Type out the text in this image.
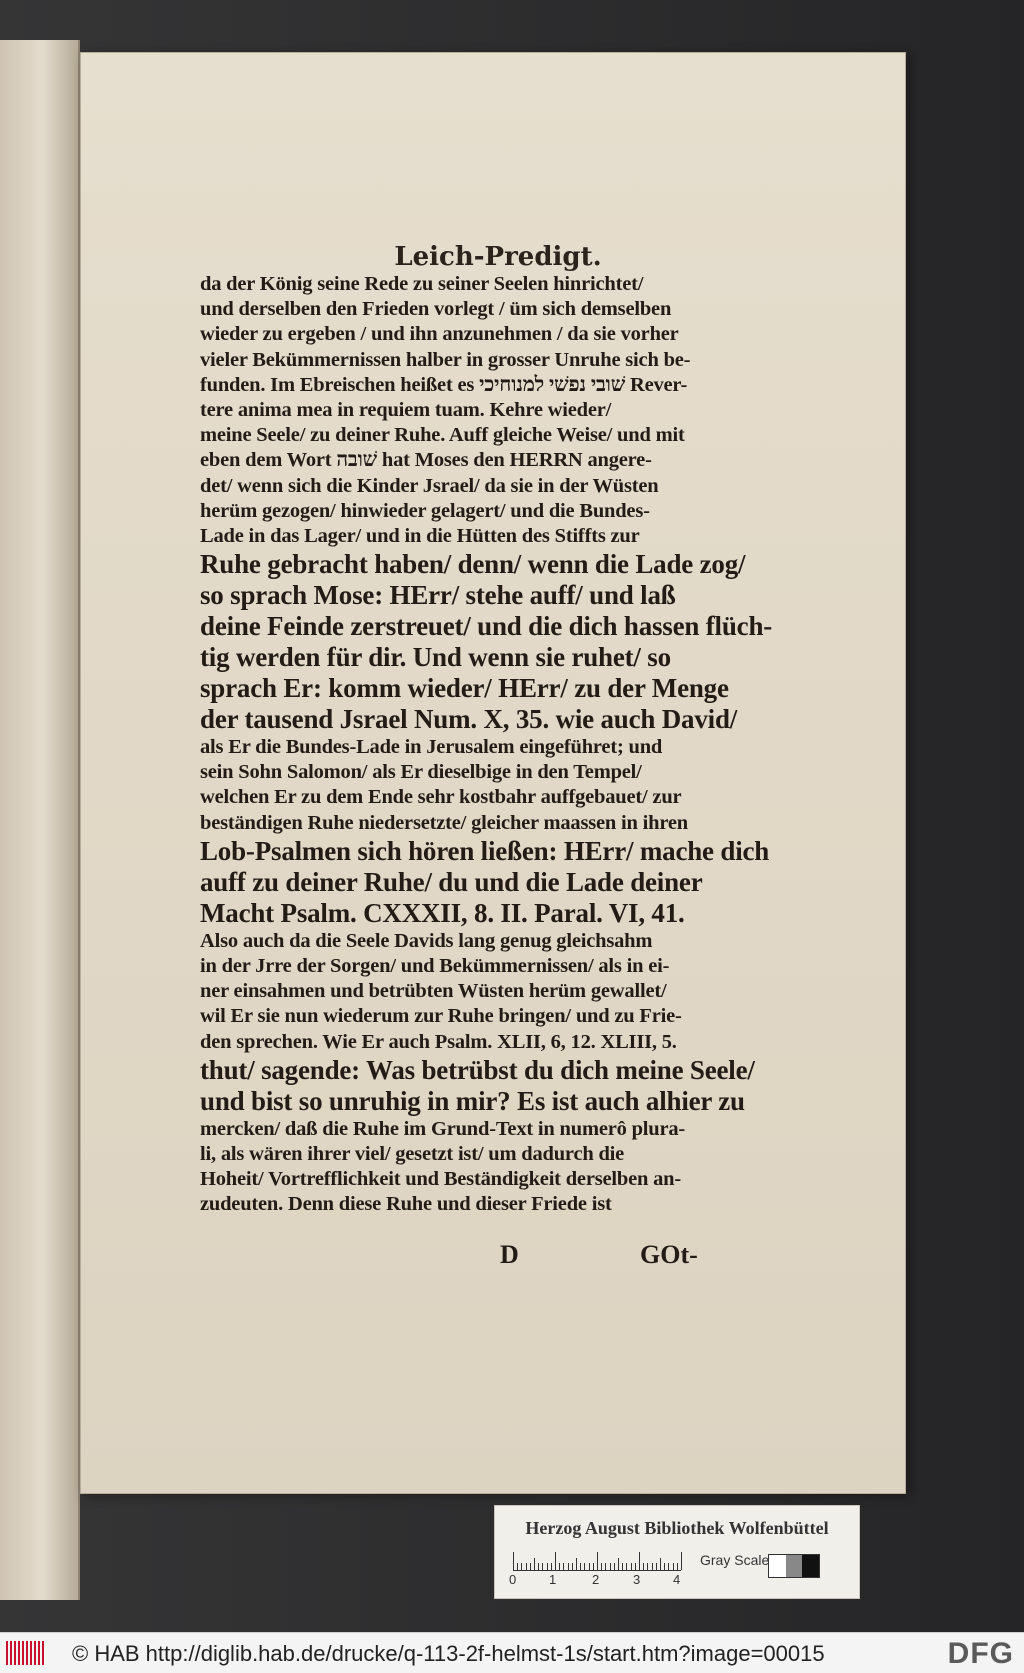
Leich-Predigt.
da der König seine Rede zu seiner Seelen hinrichtet/
und derselben den Frieden vorlegt / üm sich demselben
wieder zu ergeben / und ihn anzunehmen / da sie vorher
vieler Bekümmernissen halber in grosser Unruhe sich be-
funden. Im Ebreischen heißet es שׁובי נפשׁי למנוחיכי Rever-
tere anima mea in requiem tuam. Kehre wieder/
meine Seele/ zu deiner Ruhe. Auff gleiche Weise/ und mit
eben dem Wort שׁובה hat Moses den HERRN angere-
det/ wenn sich die Kinder Jsrael/ da sie in der Wüsten
herüm gezogen/ hinwieder gelagert/ und die Bundes-
Lade in das Lager/ und in die Hütten des Stiffts zur
Ruhe gebracht haben/ denn/ wenn die Lade zog/
so sprach Mose: HErr/ stehe auff/ und laß
deine Feinde zerstreuet/ und die dich hassen flüch-
tig werden für dir. Und wenn sie ruhet/ so
sprach Er: komm wieder/ HErr/ zu der Menge
der tausend Jsrael Num. X, 35. wie auch David/
als Er die Bundes-Lade in Jerusalem eingeführet; und
sein Sohn Salomon/ als Er dieselbige in den Tempel/
welchen Er zu dem Ende sehr kostbahr auffgebauet/ zur
beständigen Ruhe niedersetzte/ gleicher maassen in ihren
Lob-Psalmen sich hören ließen: HErr/ mache dich
auff zu deiner Ruhe/ du und die Lade deiner
Macht Psalm. CXXXII, 8. II. Paral. VI, 41.
Also auch da die Seele Davids lang genug gleichsahm
in der Jrre der Sorgen/ und Bekümmernissen/ als in ei-
ner einsahmen und betrübten Wüsten herüm gewallet/
wil Er sie nun wiederum zur Ruhe bringen/ und zu Frie-
den sprechen. Wie Er auch Psalm. XLII, 6, 12. XLIII, 5.
thut/ sagende: Was betrübst du dich meine Seele/
und bist so unruhig in mir? Es ist auch alhier zu
mercken/ daß die Ruhe im Grund-Text in numerô plura-
li, als wären ihrer viel/ gesetzt ist/ um dadurch die
Hoheit/ Vortrefflichkeit und Beständigkeit derselben an-
zudeuten. Denn diese Ruhe und dieser Friede ist
D	GOt-
Herzog August Bibliothek Wolfenbüttel
0	1	2	3	4
Gray Scale
© HAB http://diglib.hab.de/drucke/q-113-2f-helmst-1s/start.htm?image=00015	DFG
